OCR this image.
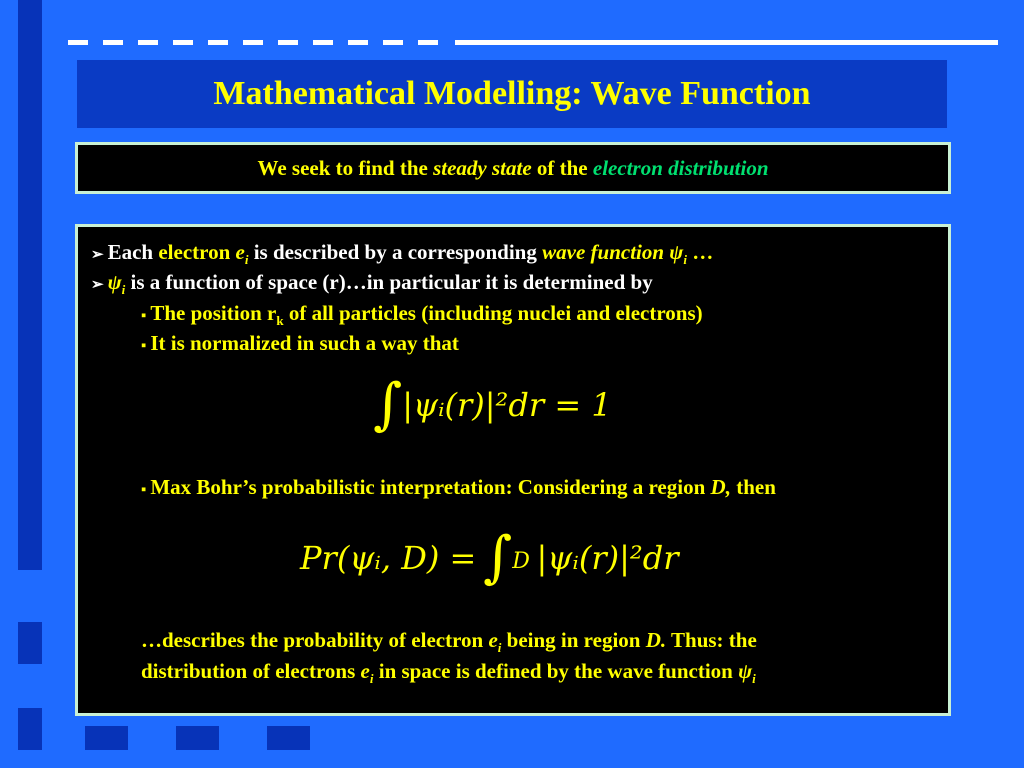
Mathematical Modelling: Wave Function
We seek to find the steady state of the electron distribution
➢ Each electron $e_i$ is described by a corresponding wave function $\psi_i$ …
➢ $\psi_i$ is a function of space (r)…in particular it is determined by
▪ The position $r_k$ of all particles (including nuclei and electrons)
▪ It is normalized in such a way that
∫|ψᵢ(r)|²dr = 1
▪ Max Bohr’s probabilistic interpretation: Considering a region D, then
Pr(ψᵢ, $D) = \int_D$ |ψᵢ(r)|²dr
…describes the probability of electron $e_i$ being in region D. Thus: the
distribution of electrons $e_i$ in space is defined by the wave function $\psi_i$
